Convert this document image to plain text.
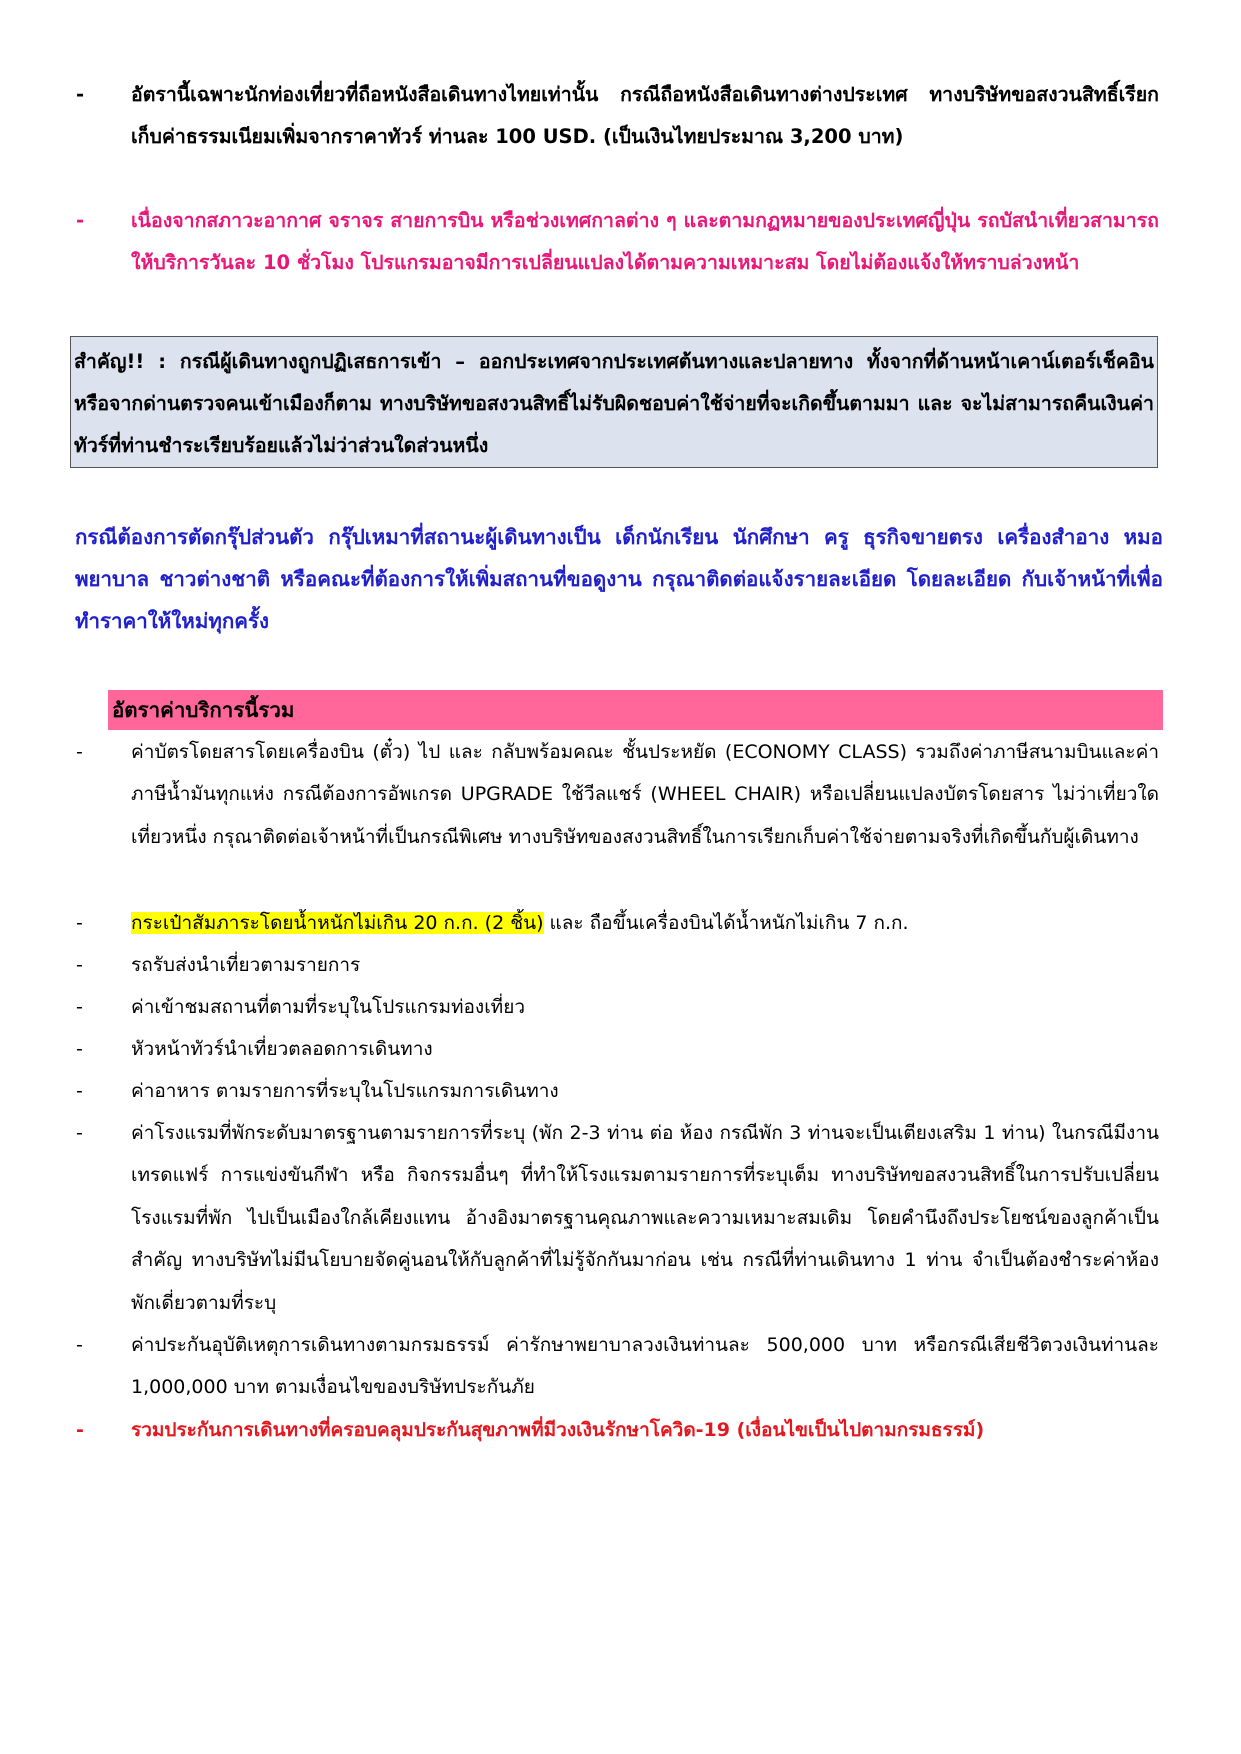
- อัตรานี้เฉพาะนักท่องเที่ยวที่ถือหนังสือเดินทางไทยเท่านั้น กรณีถือหนังสือเดินทางต่างประเทศ ทางบริษัทขอสงวนสิทธิ์เรียกเก็บค่าธรรมเนียมเพิ่มจากราคาทัวร์ ท่านละ 100 USD. (เป็นเงินไทยประมาณ 3,200 บาท)
- เนื่องจากสภาวะอากาศ จราจร สายการบิน หรือช่วงเทศกาลต่าง ๆ และตามกฏหมายของประเทศญี่ปุ่น รถบัสนำเที่ยวสามารถให้บริการวันละ 10 ชั่วโมง โปรแกรมอาจมีการเปลี่ยนแปลงได้ตามความเหมาะสม โดยไม่ต้องแจ้งให้ทราบล่วงหน้า
สำคัญ!! : กรณีผู้เดินทางถูกปฏิเสธการเข้า – ออกประเทศจากประเทศต้นทางและปลายทาง ทั้งจากที่ด้านหน้าเคาน์เตอร์เช็คอิน หรือจากด่านตรวจคนเข้าเมืองก็ตาม ทางบริษัทขอสงวนสิทธิ์ไม่รับผิดชอบค่าใช้จ่ายที่จะเกิดขึ้นตามมา และ จะไม่สามารถคืนเงินค่าทัวร์ที่ท่านชำระเรียบร้อยแล้วไม่ว่าส่วนใดส่วนหนึ่ง
กรณีต้องการตัดกรุ๊ปส่วนตัว กรุ๊ปเหมาที่สถานะผู้เดินทางเป็น เด็กนักเรียน นักศึกษา ครู ธุรกิจขายตรง เครื่องสำอาง หมอ พยาบาล ชาวต่างชาติ หรือคณะที่ต้องการให้เพิ่มสถานที่ขอดูงาน กรุณาติดต่อแจ้งรายละเอียด โดยละเอียด กับเจ้าหน้าที่เพื่อทำราคาให้ใหม่ทุกครั้ง
อัตราค่าบริการนี้รวม
-	ค่าบัตรโดยสารโดยเครื่องบิน (ตั๋ว) ไป และ กลับพร้อมคณะ ชั้นประหยัด (ECONOMY CLASS) รวมถึงค่าภาษีสนามบินและค่าภาษีน้ำมันทุกแห่ง กรณีต้องการอัพเกรด UPGRADE ใช้วีลแชร์ (WHEEL CHAIR) หรือเปลี่ยนแปลงบัตรโดยสาร ไม่ว่าเที่ยวใด เที่ยวหนึ่ง กรุณาติดต่อเจ้าหน้าที่เป็นกรณีพิเศษ ทางบริษัทของสงวนสิทธิ์ในการเรียกเก็บค่าใช้จ่ายตามจริงที่เกิดขึ้นกับผู้เดินทาง
-	กระเป๋าสัมภาระโดยน้ำหนักไม่เกิน 20 ก.ก. (2 ชิ้น) และ ถือขึ้นเครื่องบินได้น้ำหนักไม่เกิน 7 ก.ก.
-	รถรับส่งนำเที่ยวตามรายการ
-	ค่าเข้าชมสถานที่ตามที่ระบุในโปรแกรมท่องเที่ยว
-	หัวหน้าทัวร์นำเที่ยวตลอดการเดินทาง
-	ค่าอาหาร ตามรายการที่ระบุในโปรแกรมการเดินทาง
-	ค่าโรงแรมที่พักระดับมาตรฐานตามรายการที่ระบุ (พัก 2-3 ท่าน ต่อ ห้อง กรณีพัก 3 ท่านจะเป็นเตียงเสริม 1 ท่าน) ในกรณีมีงานเทรดแฟร์ การแข่งขันกีฬา หรือ กิจกรรมอื่นๆ ที่ทำให้โรงแรมตามรายการที่ระบุเต็ม ทางบริษัทขอสงวนสิทธิ์ในการปรับเปลี่ยนโรงแรมที่พัก ไปเป็นเมืองใกล้เคียงแทน อ้างอิงมาตรฐานคุณภาพและความเหมาะสมเดิม โดยคำนึงถึงประโยชน์ของลูกค้าเป็นสำคัญ ทางบริษัทไม่มีนโยบายจัดคู่นอนให้กับลูกค้าที่ไม่รู้จักกันมาก่อน เช่น กรณีที่ท่านเดินทาง 1 ท่าน จำเป็นต้องชำระค่าห้องพักเดี่ยวตามที่ระบุ
-	ค่าประกันอุบัติเหตุการเดินทางตามกรมธรรม์ ค่ารักษาพยาบาลวงเงินท่านละ 500,000 บาท หรือกรณีเสียชีวิตวงเงินท่านละ 1,000,000 บาท ตามเงื่อนไขของบริษัทประกันภัย
- รวมประกันการเดินทางที่ครอบคลุมประกันสุขภาพที่มีวงเงินรักษาโควิด-19 (เงื่อนไขเป็นไปตามกรมธรรม์)
